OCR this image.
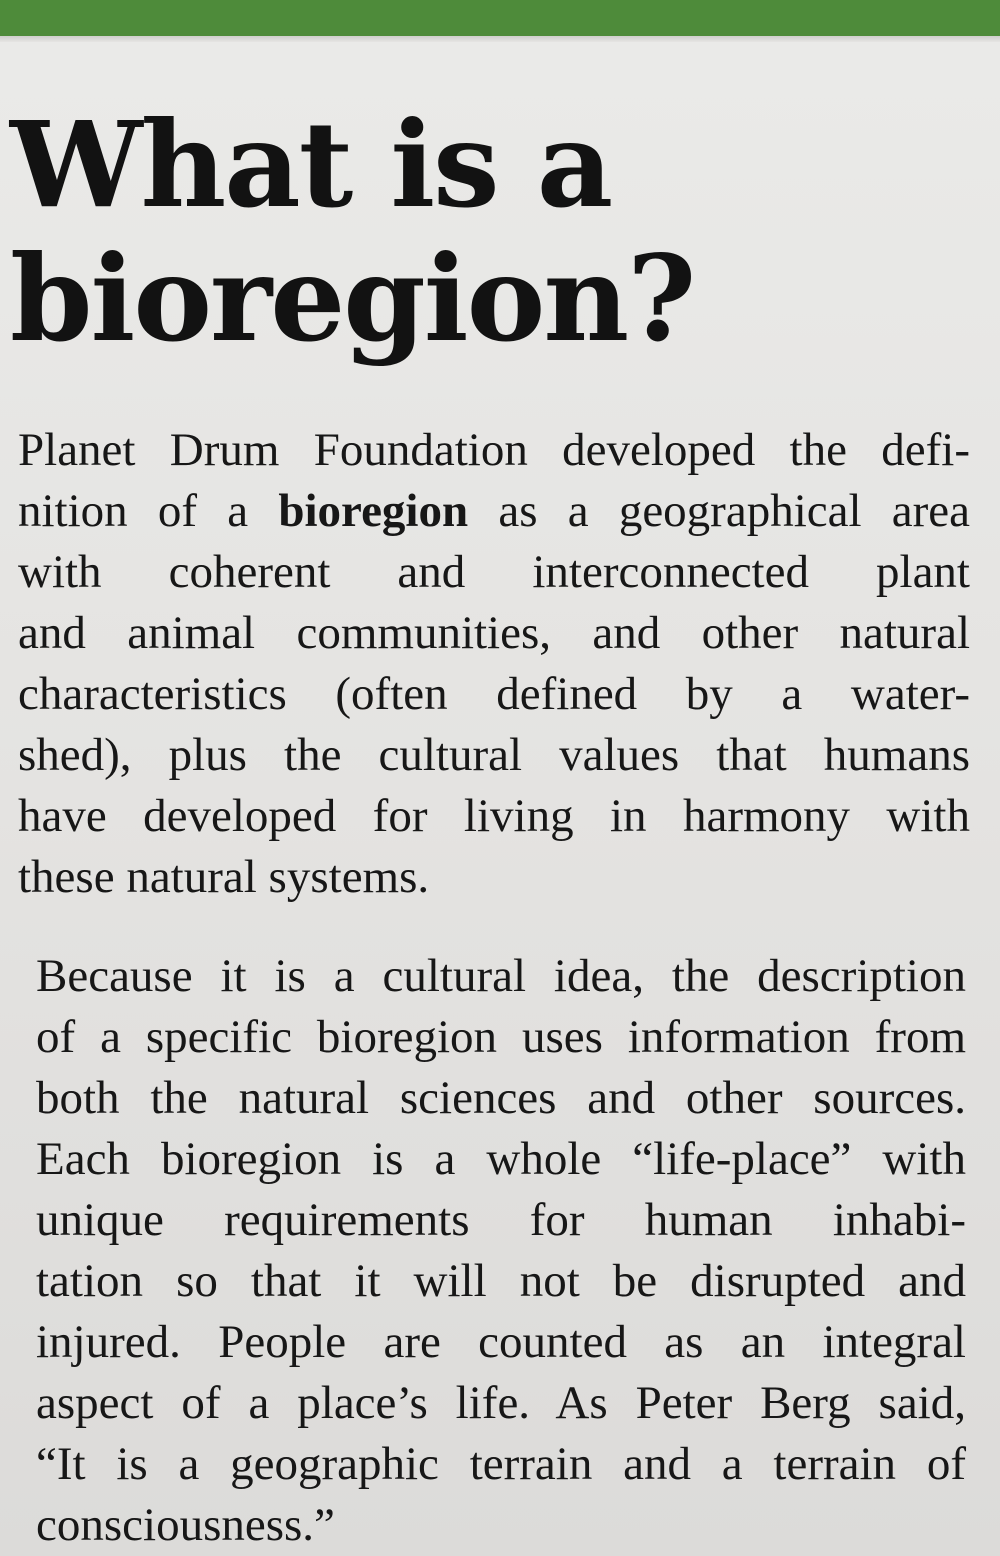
What is a
bioregion?
Planet Drum Foundation developed the defi-
nition of a bioregion as a geographical area
with coherent and interconnected plant
and animal communities, and other natural
characteristics (often defined by a water-
shed), plus the cultural values that humans
have developed for living in harmony with
these natural systems.
Because it is a cultural idea, the description
of a specific bioregion uses information from
both the natural sciences and other sources.
Each bioregion is a whole “life-place” with
unique requirements for human inhabi-
tation so that it will not be disrupted and
injured. People are counted as an integral
aspect of a place’s life. As Peter Berg said,
“It is a geographic terrain and a terrain of
consciousness.”
